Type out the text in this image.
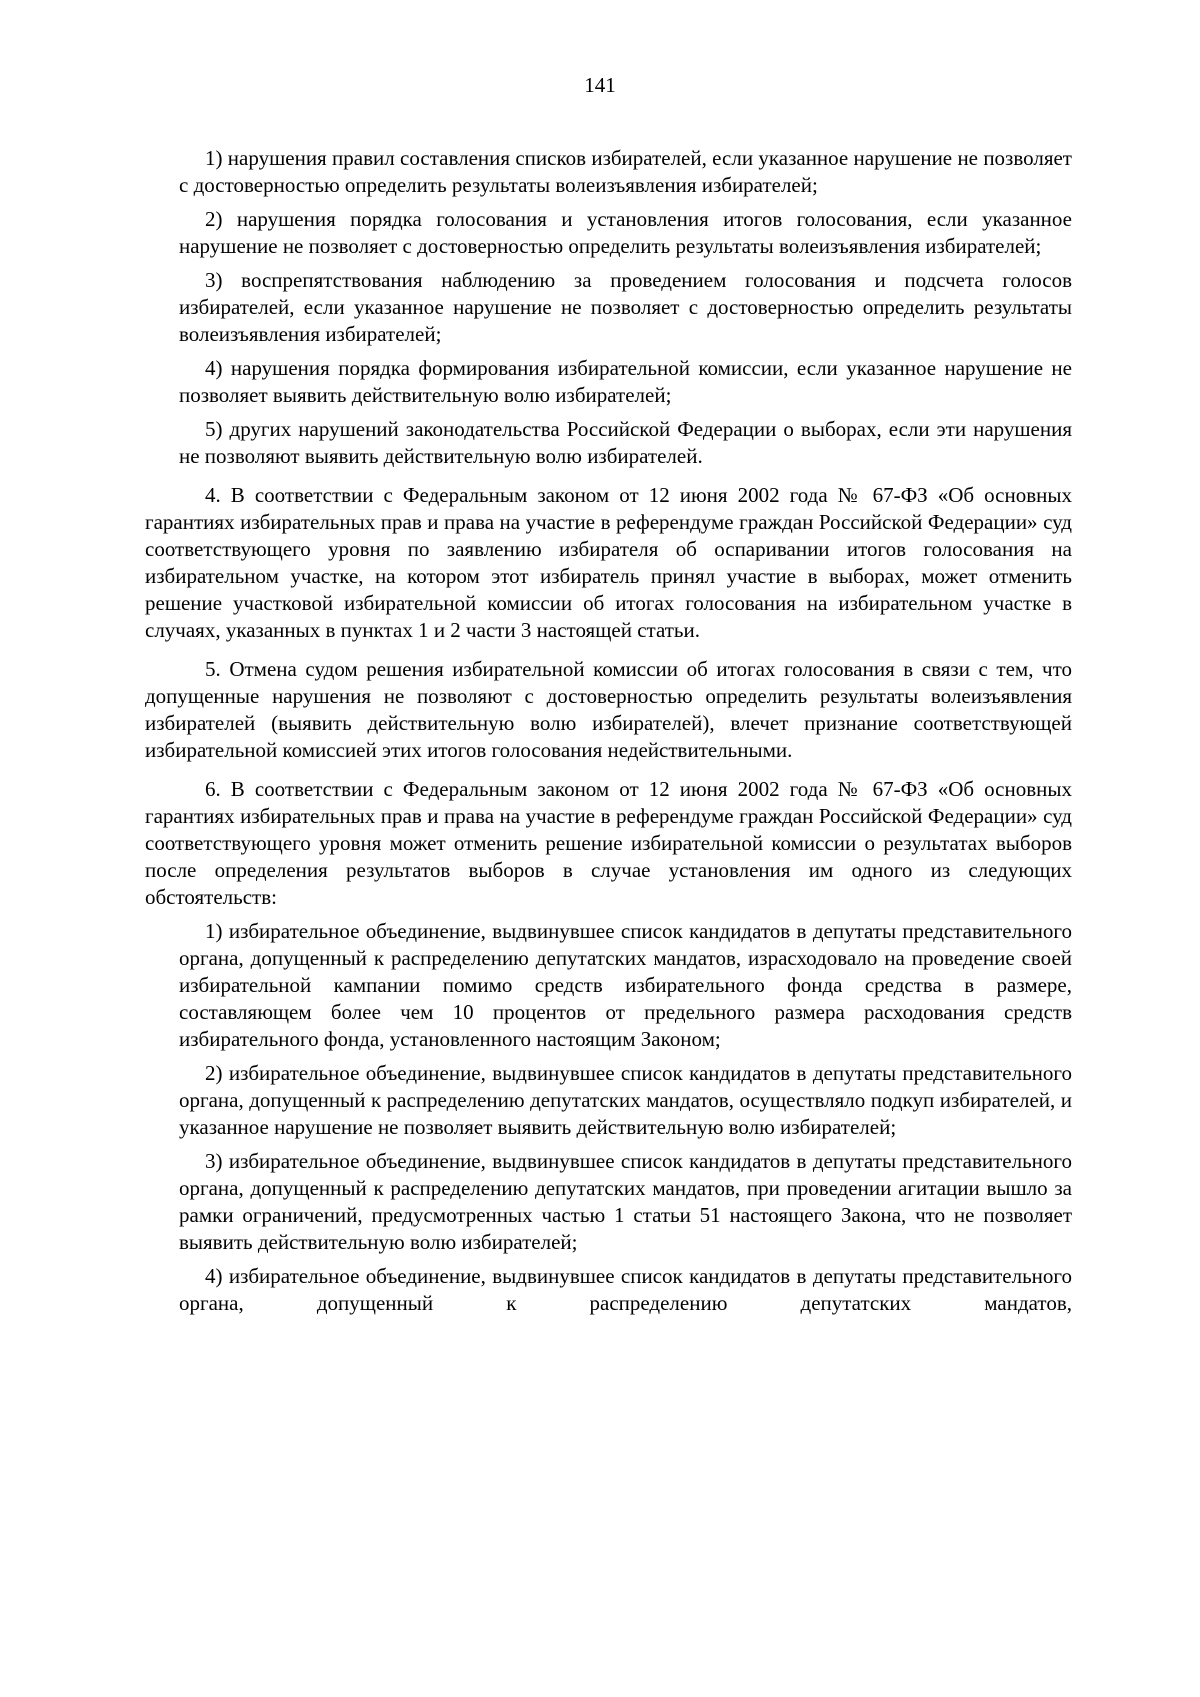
141

1) нарушения правил составления списков избирателей, если указанное нарушение не позволяет с достоверностью определить результаты волеизъявления избирателей;

2) нарушения порядка голосования и установления итогов голосования, если указанное нарушение не позволяет с достоверностью определить результаты волеизъявления избирателей;

3) воспрепятствования наблюдению за проведением голосования и подсчета голосов избирателей, если указанное нарушение не позволяет с достоверностью определить результаты волеизъявления избирателей;

4) нарушения порядка формирования избирательной комиссии, если указанное нарушение не позволяет выявить действительную волю избирателей;

5) других нарушений законодательства Российской Федерации о выборах, если эти нарушения не позволяют выявить действительную волю избирателей.

4. В соответствии с Федеральным законом от 12 июня 2002 года № 67-ФЗ «Об основных гарантиях избирательных прав и права на участие в референдуме граждан Российской Федерации» суд соответствующего уровня по заявлению избирателя об оспаривании итогов голосования на избирательном участке, на котором этот избиратель принял участие в выборах, может отменить решение участковой избирательной комиссии об итогах голосования на избирательном участке в случаях, указанных в пунктах 1 и 2 части 3 настоящей статьи.

5. Отмена судом решения избирательной комиссии об итогах голосования в связи с тем, что допущенные нарушения не позволяют с достоверностью определить результаты волеизъявления избирателей (выявить действительную волю избирателей), влечет признание соответствующей избирательной комиссией этих итогов голосования недействительными.

6. В соответствии с Федеральным законом от 12 июня 2002 года № 67-ФЗ «Об основных гарантиях избирательных прав и права на участие в референдуме граждан Российской Федерации» суд соответствующего уровня может отменить решение избирательной комиссии о результатах выборов после определения результатов выборов в случае установления им одного из следующих обстоятельств:

1) избирательное объединение, выдвинувшее список кандидатов в депутаты представительного органа, допущенный к распределению депутатских мандатов, израсходовало на проведение своей избирательной кампании помимо средств избирательного фонда средства в размере, составляющем более чем 10 процентов от предельного размера расходования средств избирательного фонда, установленного настоящим Законом;

2) избирательное объединение, выдвинувшее список кандидатов в депутаты представительного органа, допущенный к распределению депутатских мандатов, осуществляло подкуп избирателей, и указанное нарушение не позволяет выявить действительную волю избирателей;

3) избирательное объединение, выдвинувшее список кандидатов в депутаты представительного органа, допущенный к распределению депутатских мандатов, при проведении агитации вышло за рамки ограничений, предусмотренных частью 1 статьи 51 настоящего Закона, что не позволяет выявить действительную волю избирателей;

4) избирательное объединение, выдвинувшее список кандидатов в депутаты представительного органа, допущенный к распределению депутатских мандатов,
